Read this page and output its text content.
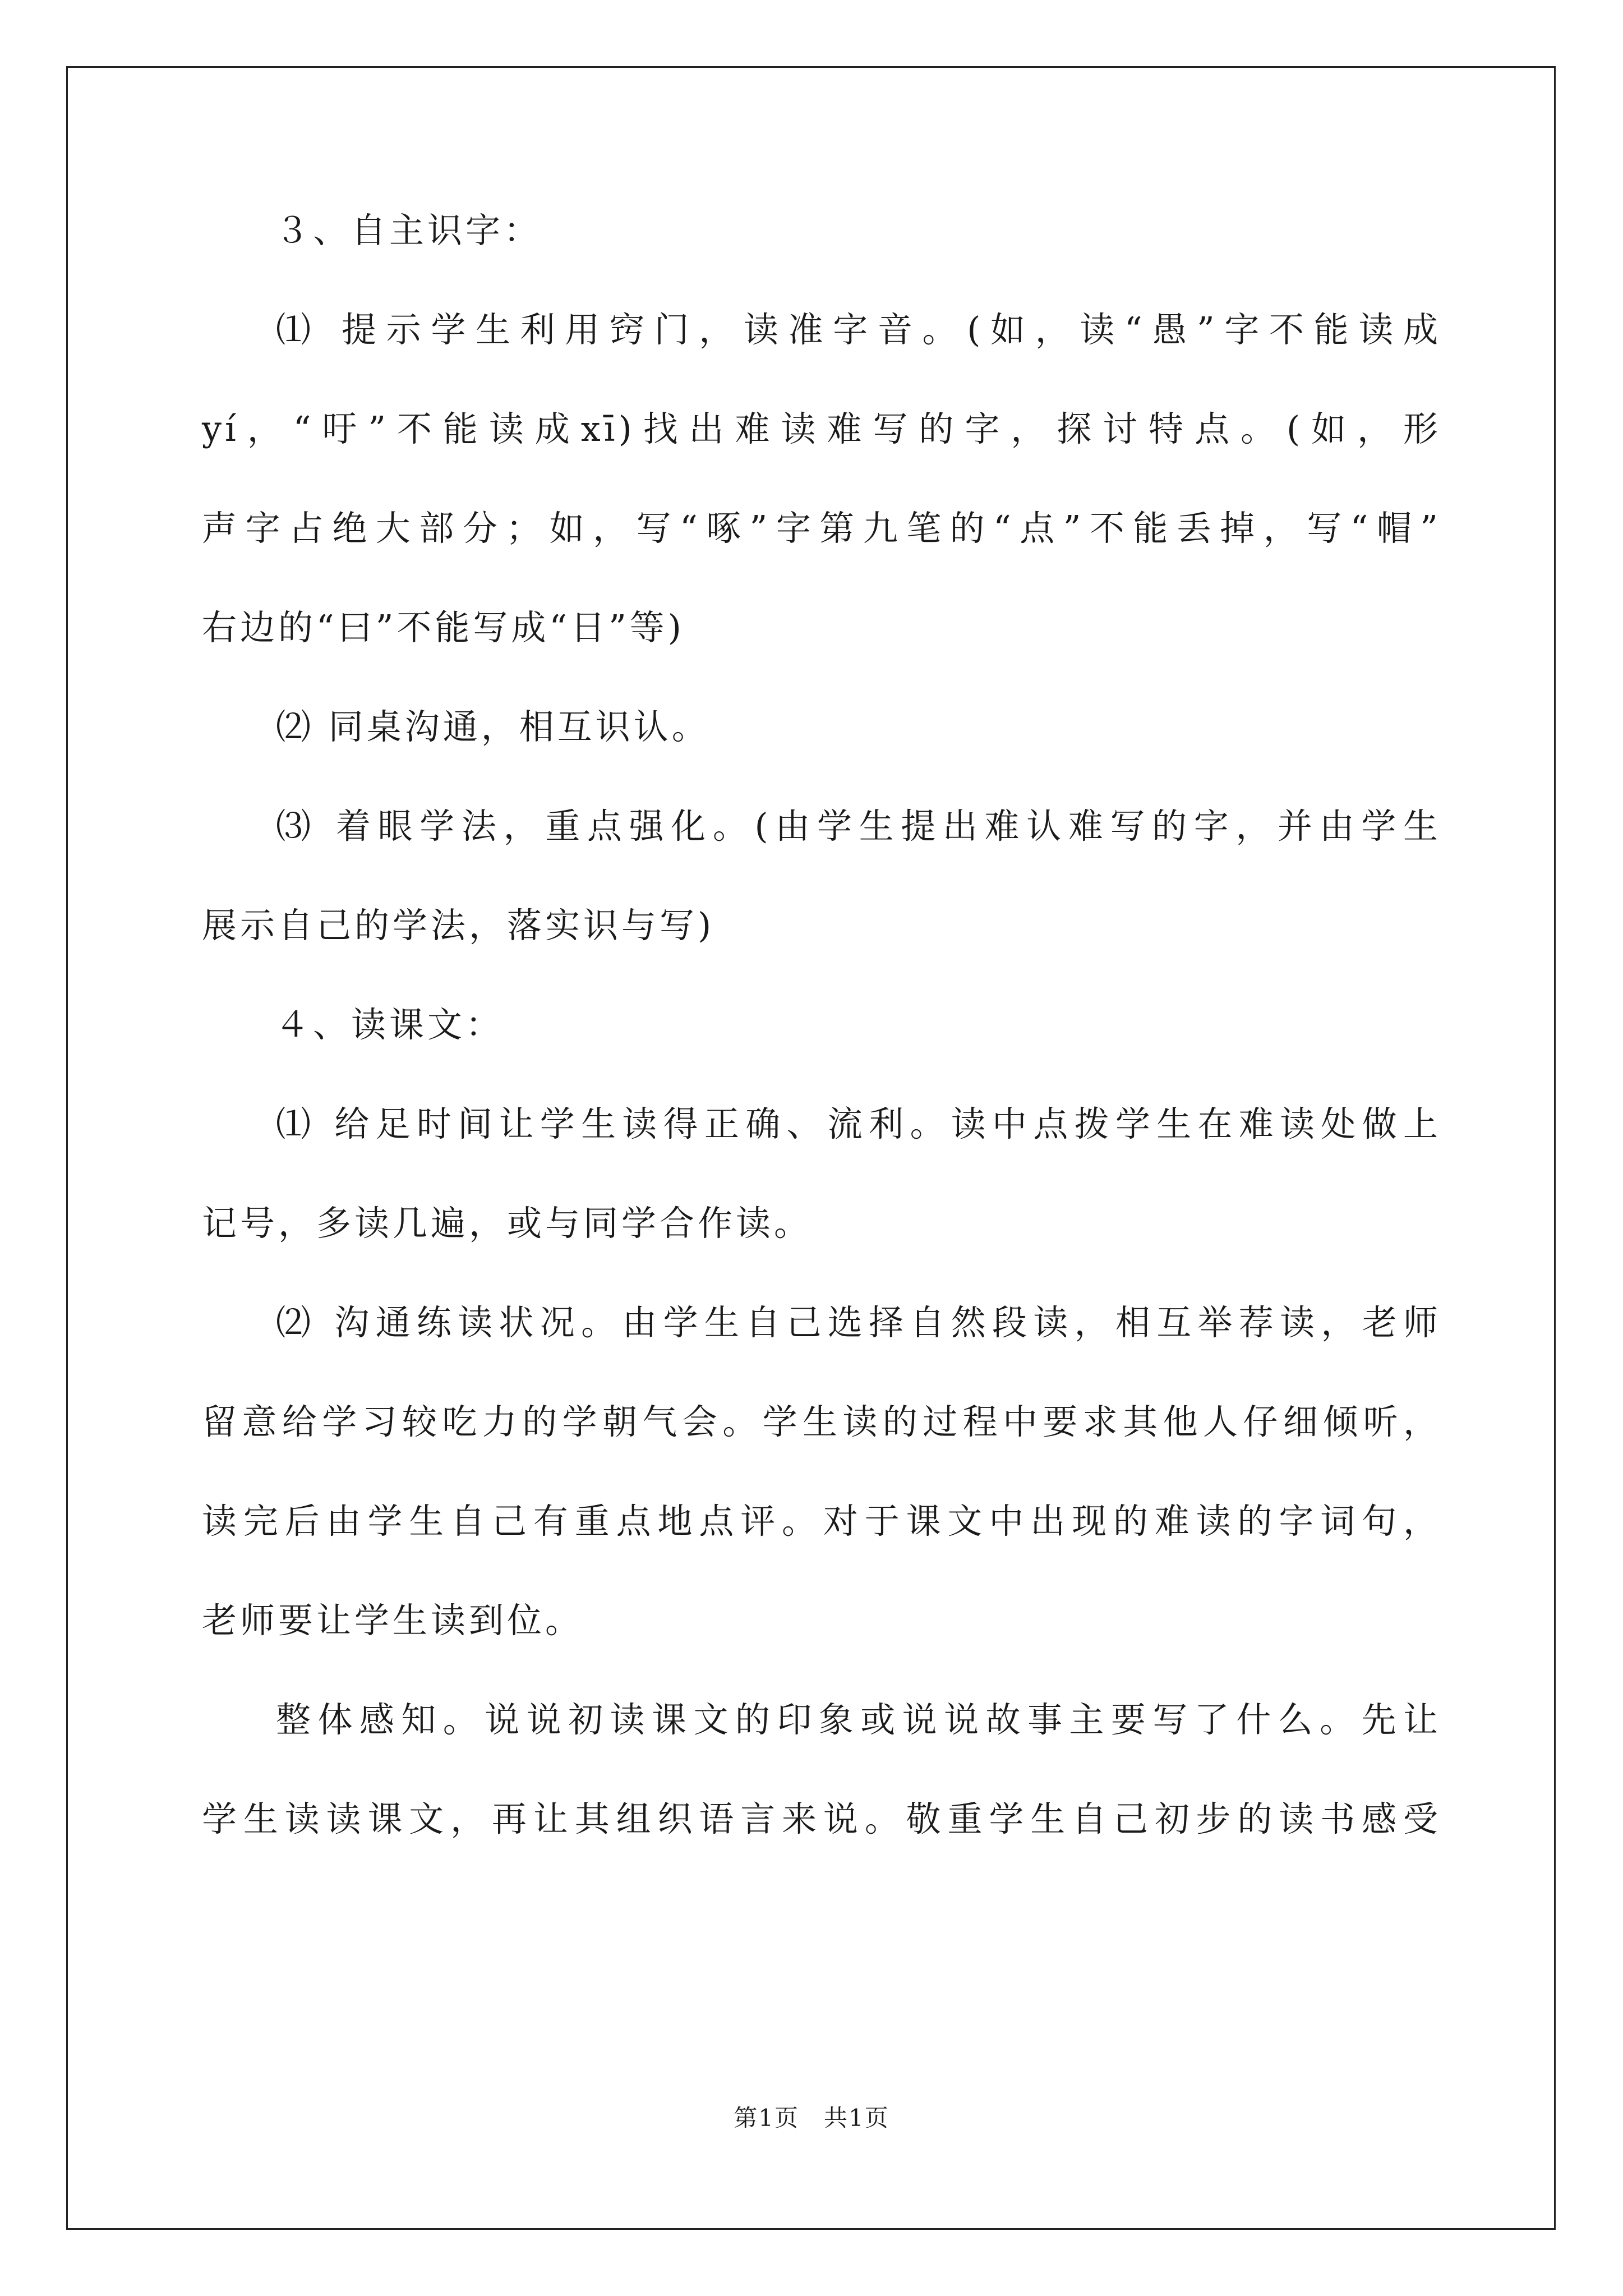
３、自主识字：
⑴ 提示学生利用窍门，读准字音。(如，读“愚”字不能读成
yí，“吁”不能读成xī)找出难读难写的字，探讨特点。(如，形
声字占绝大部分；如，写“啄”字第九笔的“点”不能丢掉，写“帽”
右边的“曰”不能写成“日”等)
⑵ 同桌沟通，相互识认。
⑶ 着眼学法，重点强化。(由学生提出难认难写的字，并由学生
展示自己的学法，落实识与写)
４、读课文：
⑴ 给足时间让学生读得正确、流利。读中点拨学生在难读处做上
记号，多读几遍，或与同学合作读。
⑵ 沟通练读状况。由学生自己选择自然段读，相互举荐读，老师
留意给学习较吃力的学朝气会。学生读的过程中要求其他人仔细倾听，
读完后由学生自己有重点地点评。对于课文中出现的难读的字词句，
老师要让学生读到位。
整体感知。说说初读课文的印象或说说故事主要写了什么。先让
学生读读课文，再让其组织语言来说。敬重学生自己初步的读书感受
第1页　共1页
